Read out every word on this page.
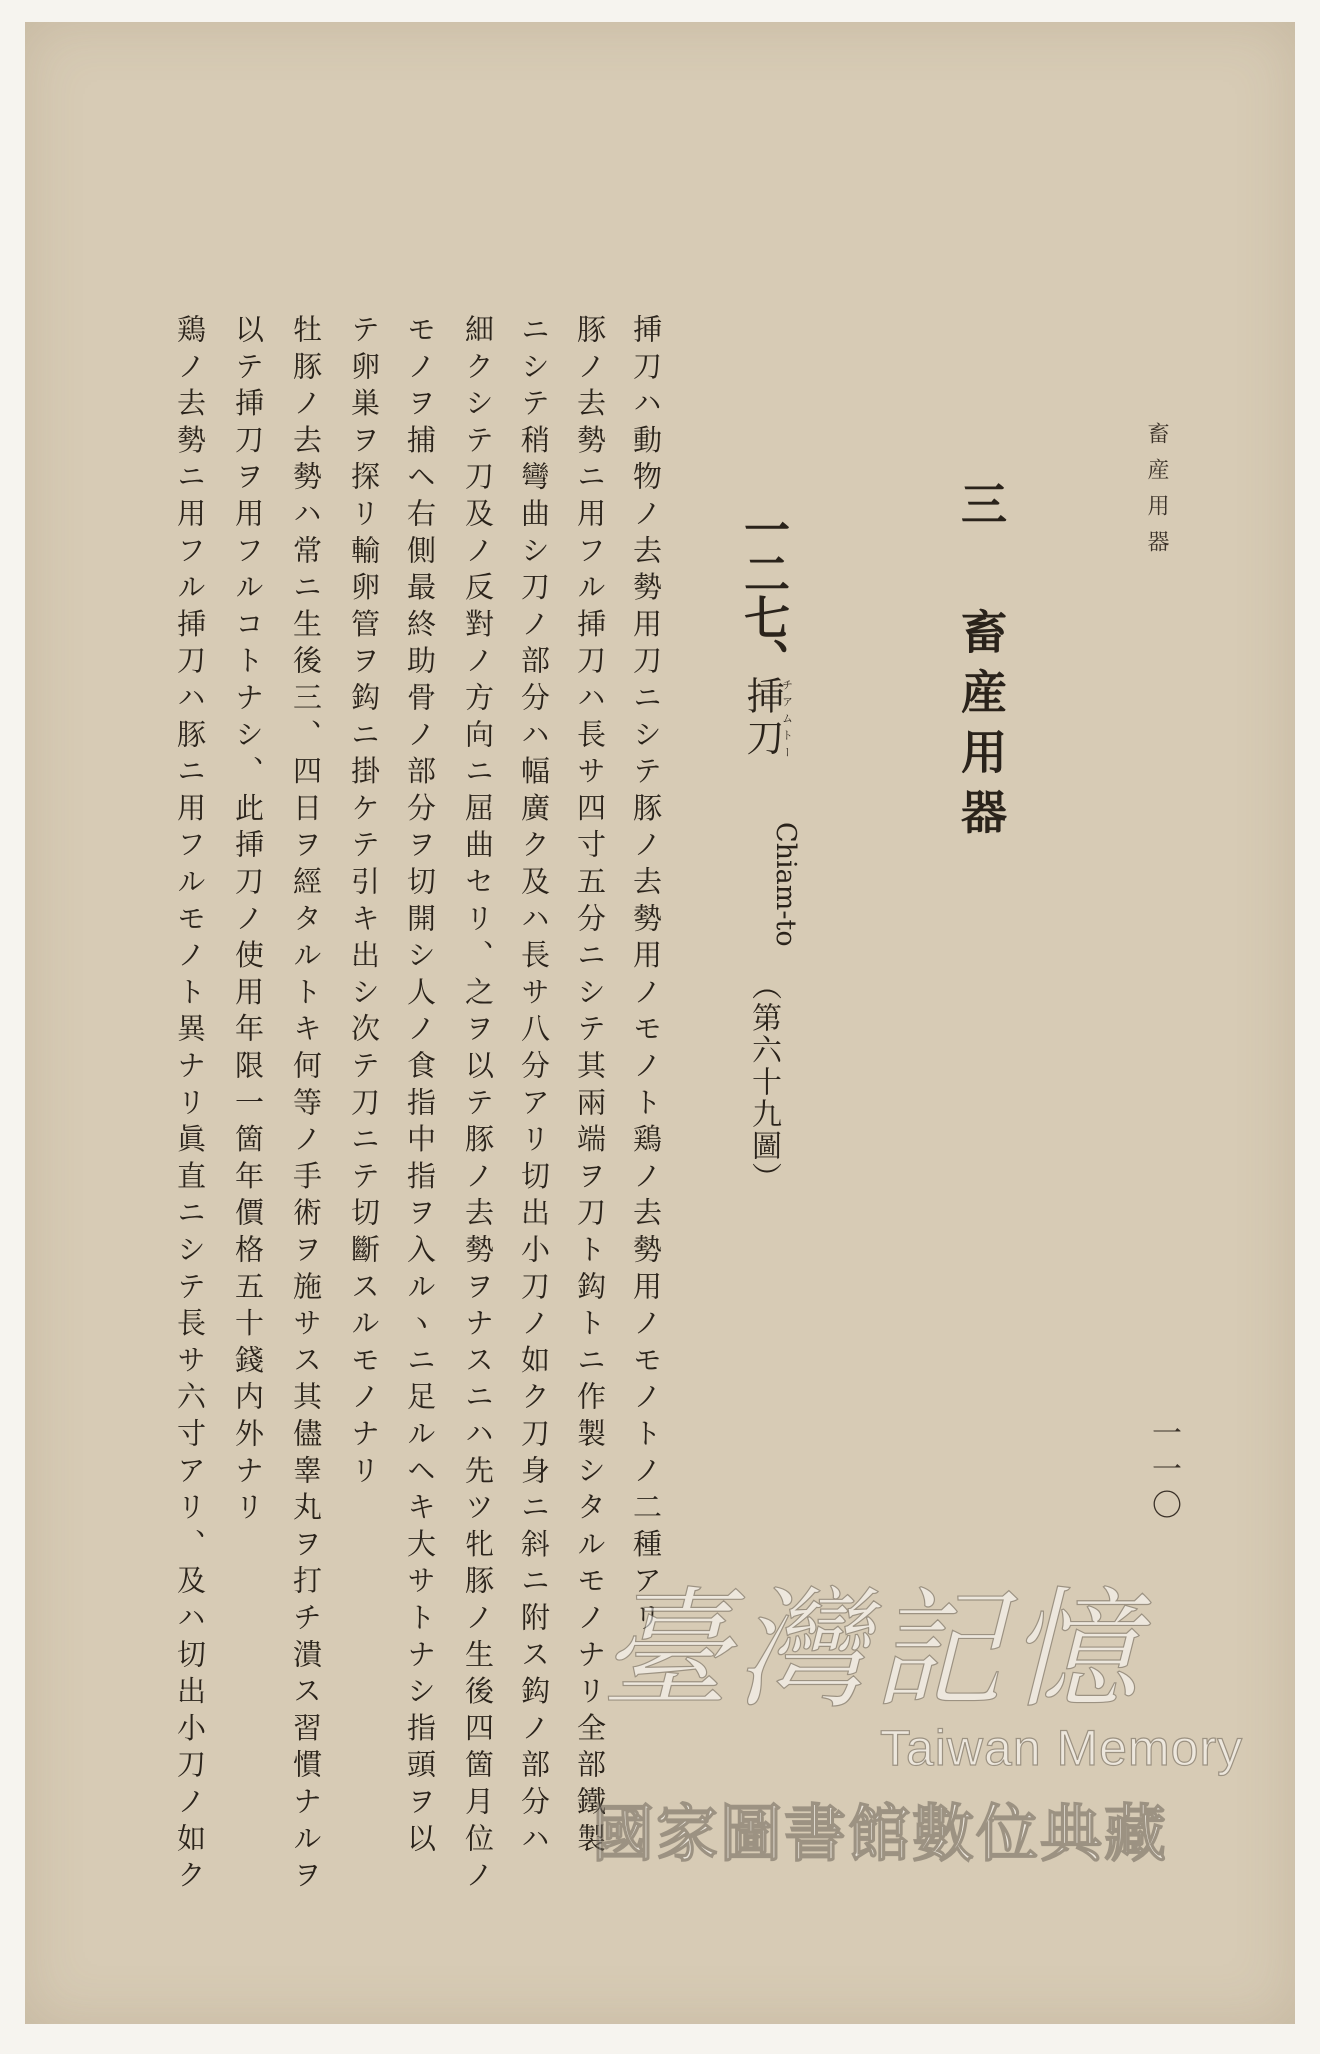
畜産用器

一一〇

三 畜産用器

一二七、

挿刀チアムトー

Chiam-to

（第六十九圖）

挿刀ハ動物ノ去勢用刀ニシテ豚ノ去勢用ノモノト鶏ノ去勢用ノモノトノ二種アリ

豚ノ去勢ニ用フル挿刀ハ長サ四寸五分ニシテ其兩端ヲ刀ト鈎トニ作製シタルモノナリ全部鐵製

ニシテ稍彎曲シ刀ノ部分ハ幅廣ク及ハ長サ八分アリ切出小刀ノ如ク刀身ニ斜ニ附ス鈎ノ部分ハ

細クシテ刀及ノ反對ノ方向ニ屈曲セリ、之ヲ以テ豚ノ去勢ヲナスニハ先ツ牝豚ノ生後四箇月位ノ

モノヲ捕ヘ右側最終助骨ノ部分ヲ切開シ人ノ食指中指ヲ入ルヽニ足ルヘキ大サトナシ指頭ヲ以

テ卵巣ヲ探リ輸卵管ヲ鈎ニ掛ケテ引キ出シ次テ刀ニテ切斷スルモノナリ

牡豚ノ去勢ハ常ニ生後三、四日ヲ經タルトキ何等ノ手術ヲ施サス其儘睾丸ヲ打チ潰ス習慣ナルヲ

以テ挿刀ヲ用フルコトナシ、此挿刀ノ使用年限一箇年價格五十錢内外ナリ

鶏ノ去勢ニ用フル挿刀ハ豚ニ用フルモノト異ナリ眞直ニシテ長サ六寸アリ、及ハ切出小刀ノ如ク	臺灣記憶
Taiwan Memory
國家圖書館數位典藏
